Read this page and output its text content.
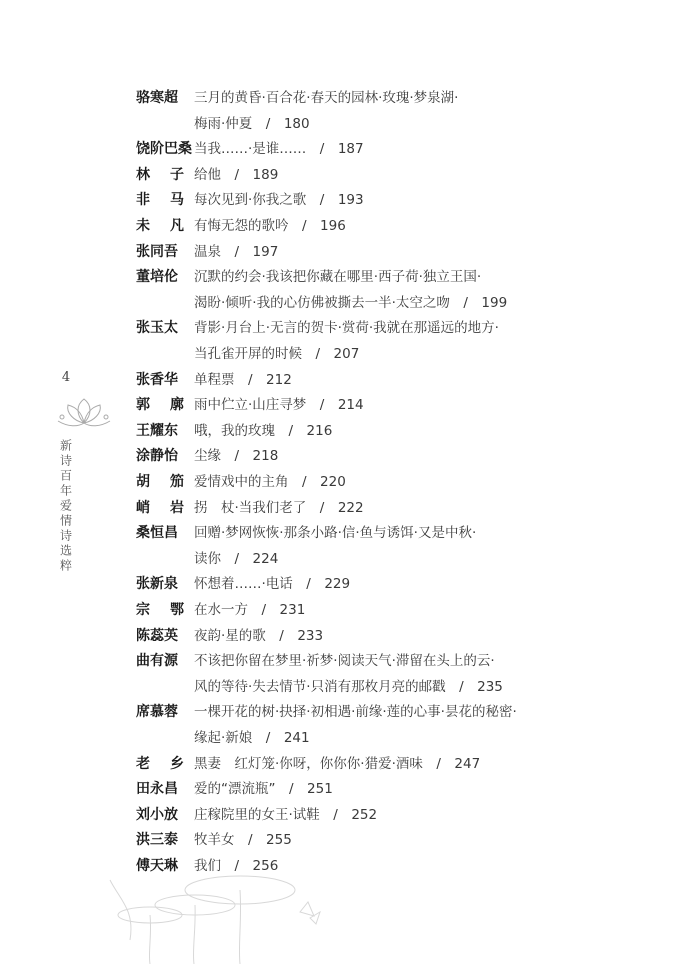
4
新诗百年爱情诗选粹
骆寒超	三月的黄昏·百合花·春天的园林·玫瑰·梦泉湖·
梅雨·仲夏　/　180
饶阶巴桑 当我……·是谁……　/　187
林 子 给他　/　189
非 马 每次见到·你我之歌　/　193
未 凡 有悔无怨的歌吟　/　196
张同吾	温泉　/　197
董培伦	沉默的约会·我该把你藏在哪里·西子荷·独立王国·
渴盼·倾听·我的心仿佛被撕去一半·太空之吻　/　199
张玉太	背影·月台上·无言的贺卡·赏荷·我就在那遥远的地方·
当孔雀开屏的时候　/　207
张香华	单程票　/　212
郭 廓 雨中伫立·山庄寻梦　/　214
王耀东	哦，我的玫瑰　/　216
涂静怡	尘缘　/　218
胡 笳 爱情戏中的主角　/　220
峭 岩 拐　杖·当我们老了　/　222
桑恒昌	回赠·梦网恢恢·那条小路·信·鱼与诱饵·又是中秋·
读你　/　224
张新泉	怀想着……·电话　/　229
宗 鄂 在水一方　/　231
陈蕊英	夜韵·星的歌　/　233
曲有源	不该把你留在梦里·祈梦·阅读天气·滞留在头上的云·
风的等待·失去情节·只消有那枚月亮的邮戳　/　235
席慕蓉	一棵开花的树·抉择·初相遇·前缘·莲的心事·昙花的秘密·
缘起·新娘　/　241
老 乡 黑妻　红灯笼·你呀，你你你·猎爱·酒味　/　247
田永昌	爱的“漂流瓶”　/　251
刘小放	庄稼院里的女王·试鞋　/　252
洪三泰	牧羊女　/　255
傅天琳	我们　/　256
